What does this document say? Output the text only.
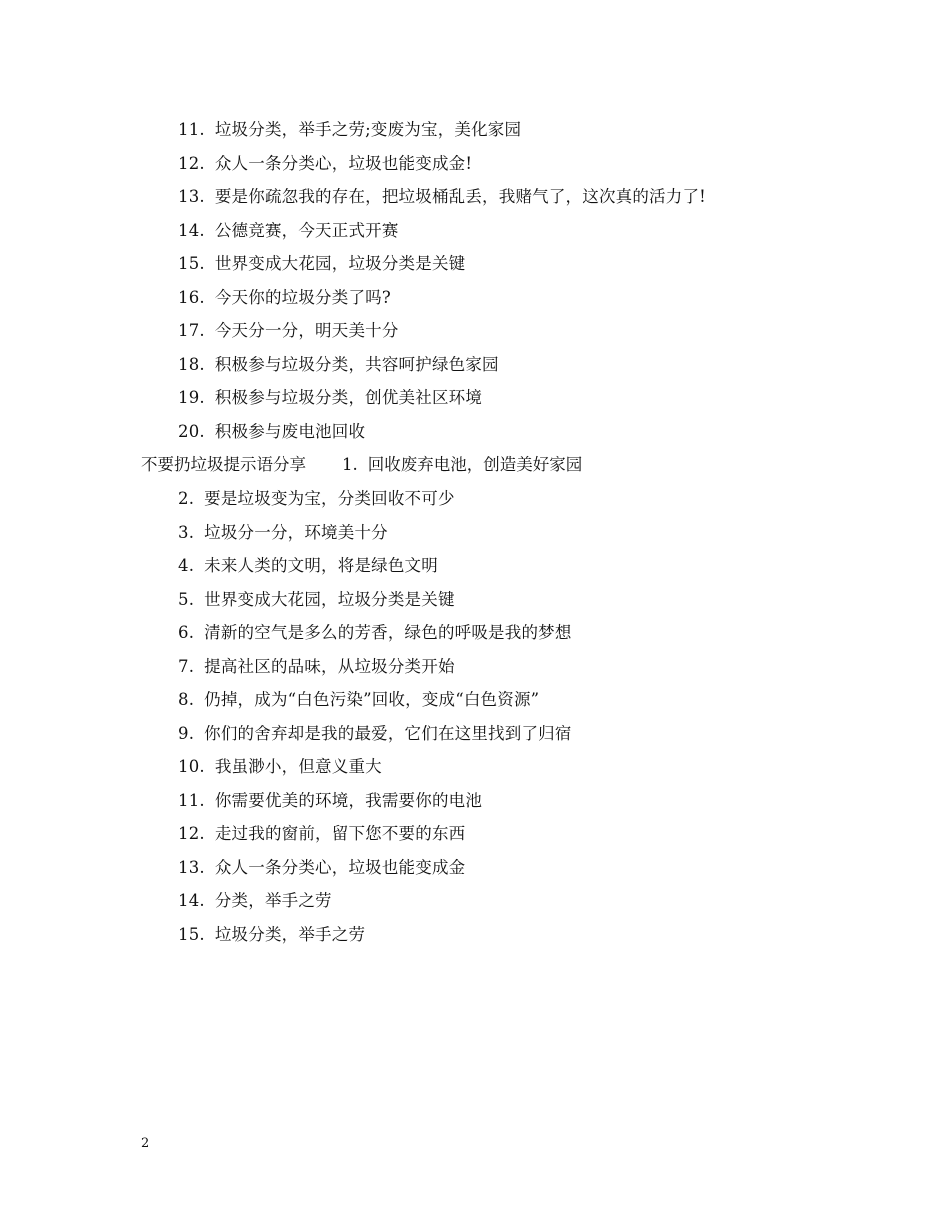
11. 垃圾分类，举手之劳;变废为宝，美化家园
12. 众人一条分类心，垃圾也能变成金!
13. 要是你疏忽我的存在，把垃圾桶乱丢，我赌气了，这次真的活力了!
14. 公德竞赛，今天正式开赛
15. 世界变成大花园，垃圾分类是关键
16. 今天你的垃圾分类了吗?
17. 今天分一分，明天美十分
18. 积极参与垃圾分类，共容呵护绿色家园
19. 积极参与垃圾分类，创优美社区环境
20. 积极参与废电池回收
不要扔垃圾提示语分享 1. 回收废弃电池，创造美好家园
2. 要是垃圾变为宝，分类回收不可少
3. 垃圾分一分，环境美十分
4. 未来人类的文明，将是绿色文明
5. 世界变成大花园，垃圾分类是关键
6. 清新的空气是多么的芳香，绿色的呼吸是我的梦想
7. 提高社区的品味，从垃圾分类开始
8. 仍掉，成为“白色污染”回收，变成“白色资源”
9. 你们的舍弃却是我的最爱，它们在这里找到了归宿
10. 我虽渺小，但意义重大
11. 你需要优美的环境，我需要你的电池
12. 走过我的窗前，留下您不要的东西
13. 众人一条分类心，垃圾也能变成金
14. 分类，举手之劳
15. 垃圾分类，举手之劳
2
